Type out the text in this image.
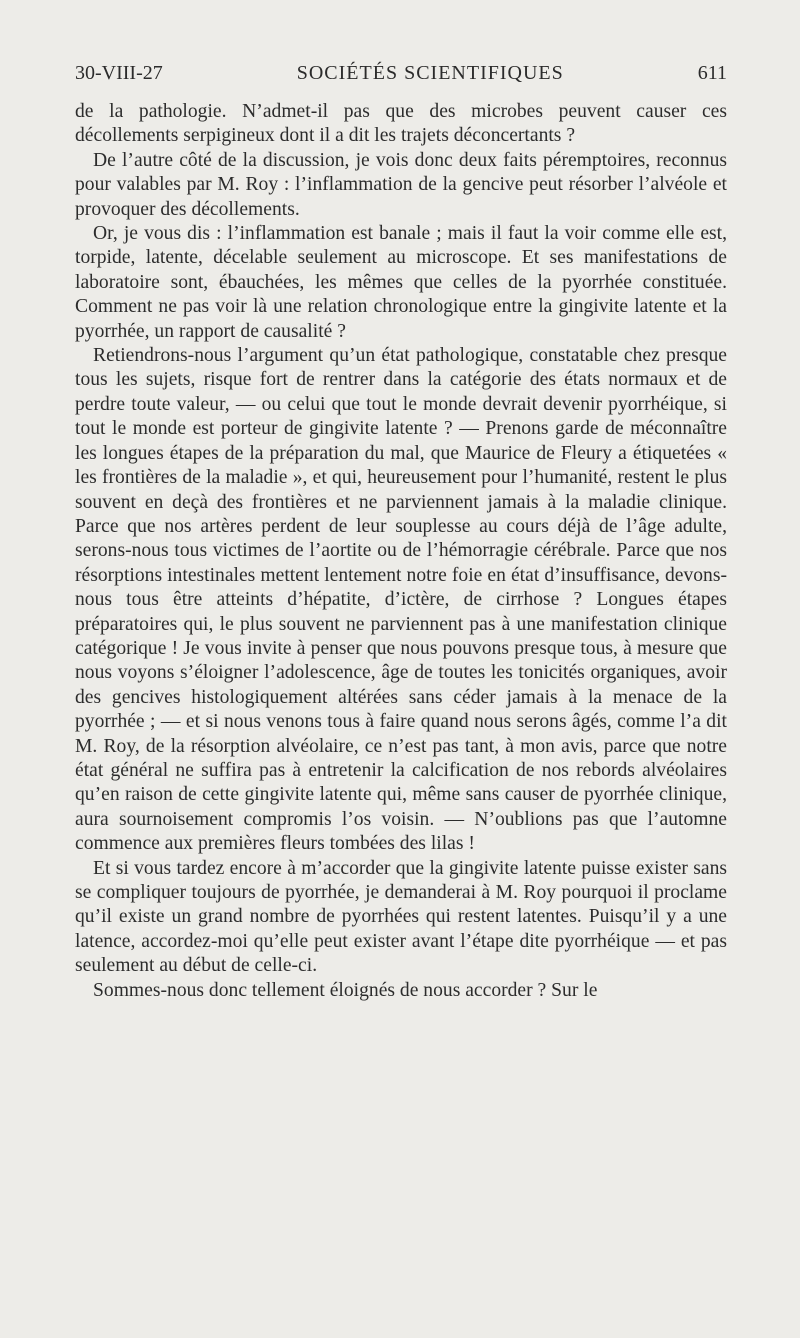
30-VIII-27	SOCIÉTÉS SCIENTIFIQUES	611

de la pathologie. N’admet-il pas que des microbes peuvent causer ces décollements serpigineux dont il a dit les trajets déconcertants ?

De l’autre côté de la discussion, je vois donc deux faits péremptoires, reconnus pour valables par M. Roy : l’inflammation de la gencive peut résorber l’alvéole et provoquer des décollements.

Or, je vous dis : l’inflammation est banale ; mais il faut la voir comme elle est, torpide, latente, décelable seulement au microscope. Et ses manifestations de laboratoire sont, ébauchées, les mêmes que celles de la pyorrhée constituée. Comment ne pas voir là une relation chronologique entre la gingivite latente et la pyorrhée, un rapport de causalité ?

Retiendrons-nous l’argument qu’un état pathologique, constatable chez presque tous les sujets, risque fort de rentrer dans la catégorie des états normaux et de perdre toute valeur, — ou celui que tout le monde devrait devenir pyorrhéique, si tout le monde est porteur de gingivite latente ? — Prenons garde de méconnaître les longues étapes de la préparation du mal, que Maurice de Fleury a étiquetées « les frontières de la maladie », et qui, heureusement pour l’humanité, restent le plus souvent en deçà des frontières et ne parviennent jamais à la maladie clinique. Parce que nos artères perdent de leur souplesse au cours déjà de l’âge adulte, serons-nous tous victimes de l’aortite ou de l’hémorragie cérébrale. Parce que nos résorptions intestinales mettent lentement notre foie en état d’insuffisance, devons-nous tous être atteints d’hépatite, d’ictère, de cirrhose ? Longues étapes préparatoires qui, le plus souvent ne parviennent pas à une manifestation clinique catégorique ! Je vous invite à penser que nous pouvons presque tous, à mesure que nous voyons s’éloigner l’adolescence, âge de toutes les tonicités organiques, avoir des gencives histologiquement altérées sans céder jamais à la menace de la pyorrhée ; — et si nous venons tous à faire quand nous serons âgés, comme l’a dit M. Roy, de la résorption alvéolaire, ce n’est pas tant, à mon avis, parce que notre état général ne suffira pas à entretenir la calcification de nos rebords alvéolaires qu’en raison de cette gingivite latente qui, même sans causer de pyorrhée clinique, aura sournoisement compromis l’os voisin. — N’oublions pas que l’automne commence aux premières fleurs tombées des lilas !

Et si vous tardez encore à m’accorder que la gingivite latente puisse exister sans se compliquer toujours de pyorrhée, je demanderai à M. Roy pourquoi il proclame qu’il existe un grand nombre de pyorrhées qui restent latentes. Puisqu’il y a une latence, accordez-moi qu’elle peut exister avant l’étape dite pyorrhéique — et pas seulement au début de celle-ci.

Sommes-nous donc tellement éloignés de nous accorder ? Sur le
